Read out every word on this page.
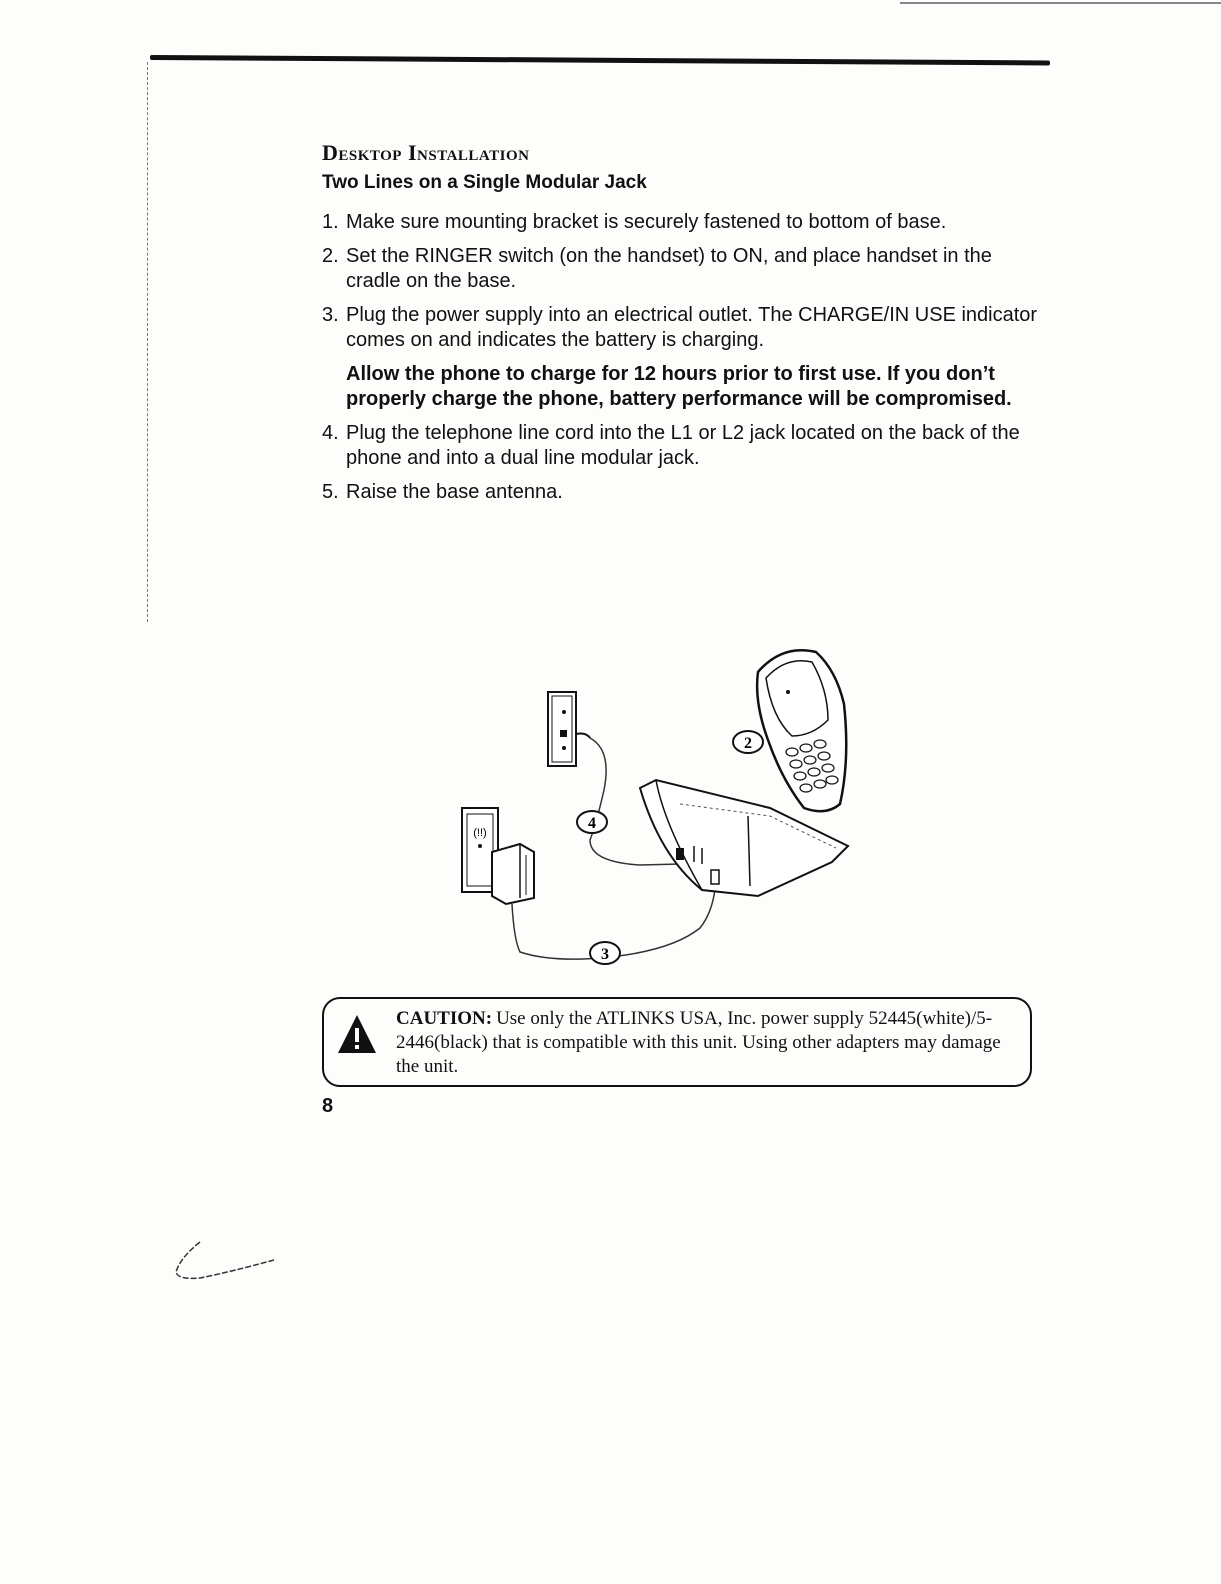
Desktop Installation
Two Lines on a Single Modular Jack
1. Make sure mounting bracket is securely fastened to bottom of base.
2. Set the RINGER switch (on the handset) to ON, and place handset in the cradle on the base.
3. Plug the power supply into an electrical outlet. The CHARGE/IN USE indicator comes on and indicates the battery is charging.
Allow the phone to charge for 12 hours prior to first use. If you don’t properly charge the phone, battery performance will be compromised.
4. Plug the telephone line cord into the L1 or L2 jack located on the back of the phone and into a dual line modular jack.
5. Raise the base antenna.
(!!)
2
4
3
CAUTION: Use only the ATLINKS USA, Inc. power supply 52445(white)/5-2446(black) that is compatible with this unit. Using other adapters may damage the unit.
8
